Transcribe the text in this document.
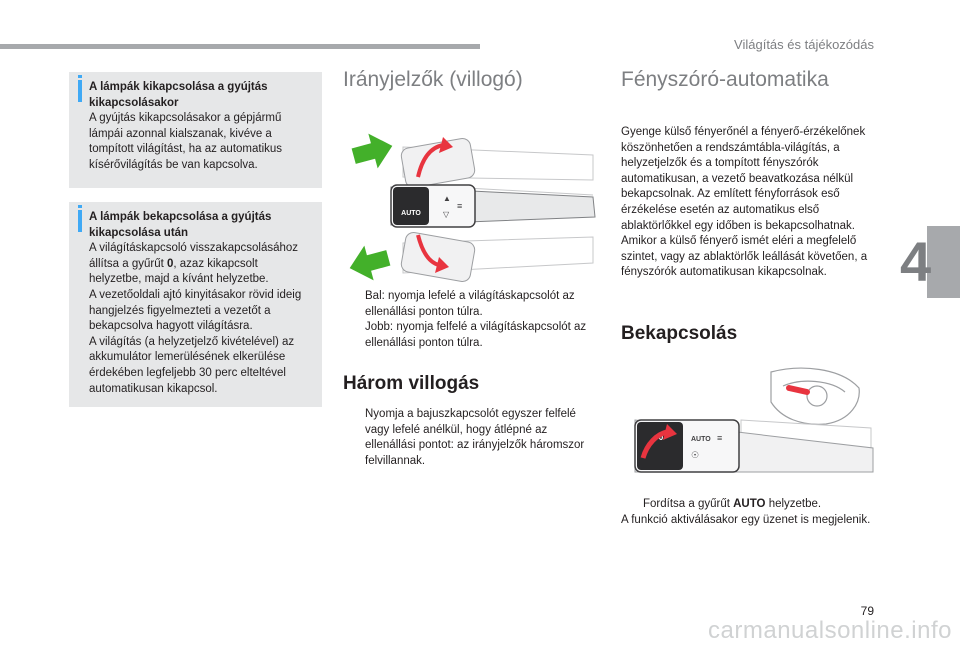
Világítás és tájékozódás
4
A lámpák kikapcsolása a gyújtás kikapcsolásakor
A gyújtás kikapcsolásakor a gépjármű lámpái azonnal kialszanak, kivéve a tompított világítást, ha az automatikus kísérővilágítás be van kapcsolva.
A lámpák bekapcsolása a gyújtás kikapcsolása után
A világításkapcsoló visszakapcsolásához állítsa a gyűrűt 0, azaz kikapcsolt helyzetbe, majd a kívánt helyzetbe.
A vezetőoldali ajtó kinyitásakor rövid ideig hangjelzés figyelmezteti a vezetőt a bekapcsolva hagyott világításra.
A világítás (a helyzetjelző kivételével) az akkumulátor lemerülésének elkerülése érdekében legfeljebb 30 perc elteltével automatikusan kikapcsol.
Irányjelzők (villogó)
AUTO
▲
▽
≡
Bal: nyomja lefelé a világításkapcsolót az ellenállási ponton túlra.
Jobb: nyomja felfelé a világításkapcsolót az ellenállási ponton túlra.
Három villogás
Nyomja a bajuszkapcsolót egyszer felfelé vagy lefelé anélkül, hogy átlépné az ellenállási pontot: az irányjelzők háromszor felvillannak.
Fényszóró-automatika
Gyenge külső fényerőnél a fényerő-érzékelőnek köszönhetően a rendszámtábla-világítás, a helyzetjelzők és a tompított fényszórók automatikusan, a vezető beavatkozása nélkül bekapcsolnak. Az említett fényforrások eső érzékelése esetén az automatikus első ablaktörlőkkel egy időben is bekapcsolhatnak.
Amikor a külső fényerő ismét eléri a megfelelő szintet, vagy az ablaktörlők leállását követően, a fényszórók automatikusan kikapcsolnak.
Bekapcsolás
0	AUTO ≡
☉
Fordítsa a gyűrűt AUTO helyzetbe.
A funkció aktiválásakor egy üzenet is megjelenik.
79
carmanualsonline.info
